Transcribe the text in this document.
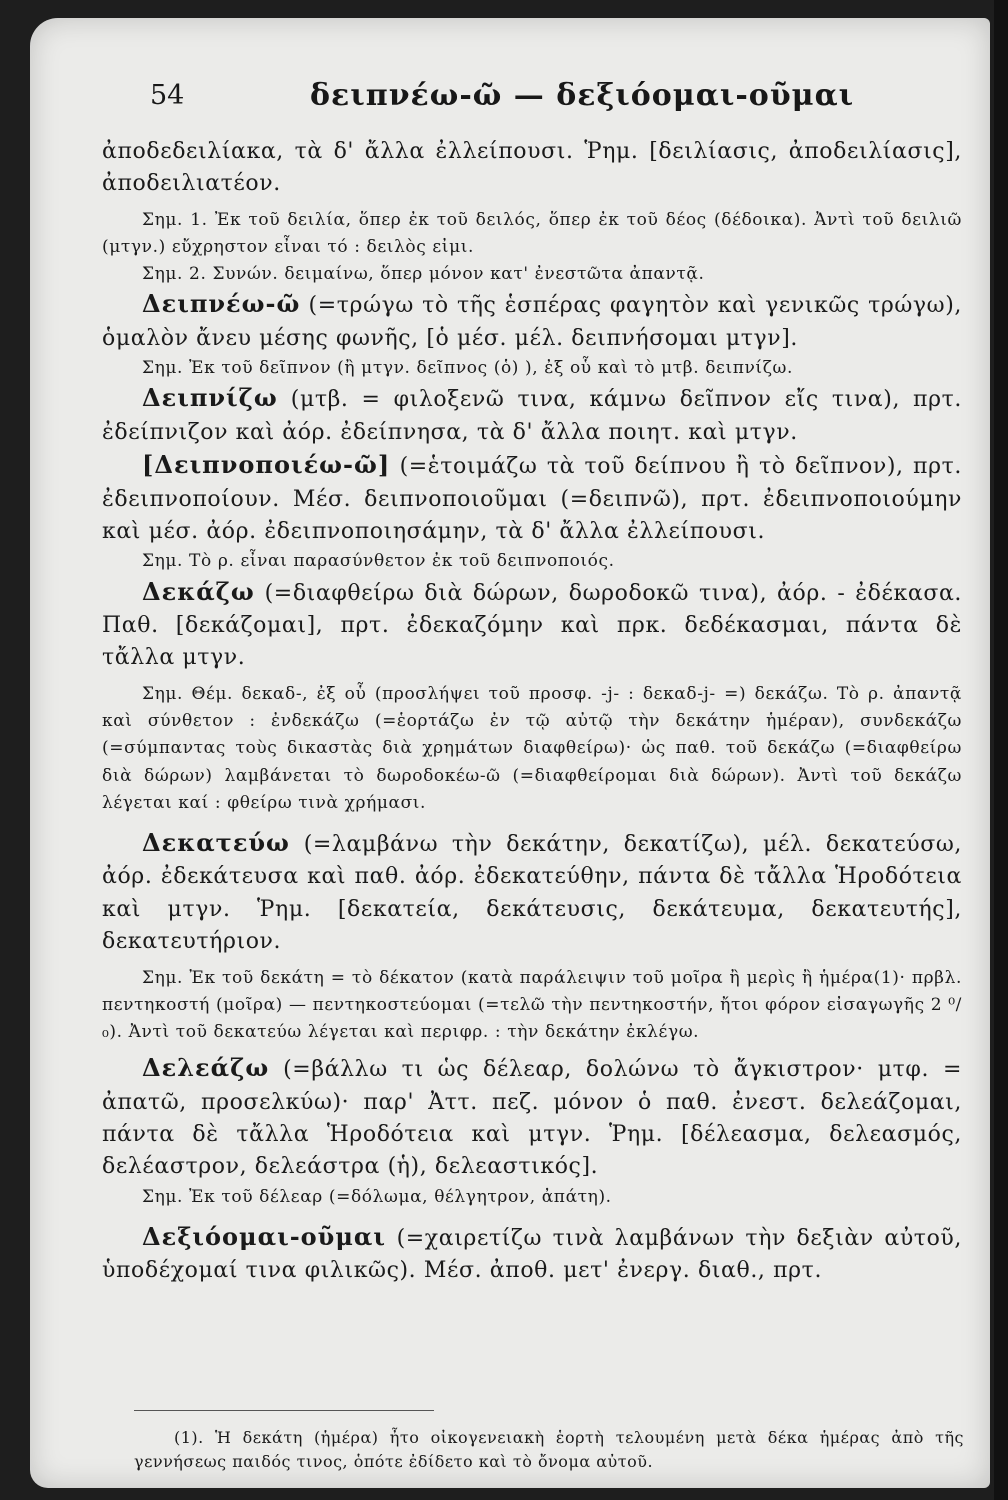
54	δειπνέω-ῶ — δεξιόομαι-οῦμαι

ἀποδεδειλίακα, τὰ δ' ἄλλα ἐλλείπουσι. Ῥημ. [δειλίασις, ἀποδειλίασις], ἀποδειλιατέον.

Σημ. 1. Ἐκ τοῦ δειλία, ὅπερ ἐκ τοῦ δειλός, ὅπερ ἐκ τοῦ δέος (δέδοικα). Ἀντὶ τοῦ δειλιῶ (μτγν.) εὔχρηστον εἶναι τό : δειλὸς εἰμι.

Σημ. 2. Συνών. δειμαίνω, ὅπερ μόνον κατ' ἐνεστῶτα ἀπαντᾷ.

Δειπνέω-ῶ (=τρώγω τὸ τῆς ἑσπέρας φαγητὸν καὶ γενικῶς τρώγω), ὁμαλὸν ἄνευ μέσης φωνῆς, [ὁ μέσ. μέλ. δειπνήσομαι μτγν].

Σημ. Ἐκ τοῦ δεῖπνον (ἢ μτγν. δεῖπνος (ὁ) ), ἐξ οὗ καὶ τὸ μτβ. δειπνίζω.

Δειπνίζω (μτβ. = φιλοξενῶ τινα, κάμνω δεῖπνον εἴς τινα), πρτ. ἐδείπνιζον καὶ ἀόρ. ἐδείπνησα, τὰ δ' ἄλλα ποιητ. καὶ μτγν.

[Δειπνοποιέω-ῶ] (=ἑτοιμάζω τὰ τοῦ δείπνου ἢ τὸ δεῖπνον), πρτ. ἐδειπνοποίουν. Μέσ. δειπνοποιοῦμαι (=δειπνῶ), πρτ. ἐδειπνοποιούμην καὶ μέσ. ἀόρ. ἐδειπνοποιησάμην, τὰ δ' ἄλλα ἐλλείπουσι.

Σημ. Τὸ ρ. εἶναι παρασύνθετον ἐκ τοῦ δειπνοποιός.

Δεκάζω (=διαφθείρω διὰ δώρων, δωροδοκῶ τινα), ἀόρ. - ἐδέκασα. Παθ. [δεκάζομαι], πρτ. ἐδεκαζόμην καὶ πρκ. δεδέκασμαι, πάντα δὲ τἄλλα μτγν.

Σημ. Θέμ. δεκαδ-, ἐξ οὗ (προσλήψει τοῦ προσφ. -j- : δεκαδ-j- =) δεκάζω. Τὸ ρ. ἀπαντᾷ καὶ σύνθετον : ἐνδεκάζω (=ἑορτάζω ἐν τῷ αὐτῷ τὴν δεκάτην ἡμέραν), συνδεκάζω (=σύμπαντας τοὺς δικαστὰς διὰ χρημάτων διαφθείρω)· ὡς παθ. τοῦ δεκάζω (=διαφθείρω διὰ δώρων) λαμβάνεται τὸ δωροδοκέω-ῶ (=διαφθείρομαι διὰ δώρων). Ἀντὶ τοῦ δεκάζω λέγεται καί : φθείρω τινὰ χρήμασι.

Δεκατεύω (=λαμβάνω τὴν δεκάτην, δεκατίζω), μέλ. δεκατεύσω, ἀόρ. ἐδεκάτευσα καὶ παθ. ἀόρ. ἐδεκατεύθην, πάντα δὲ τἄλλα Ἡροδότεια καὶ μτγν. Ῥημ. [δεκατεία, δεκάτευσις, δεκάτευμα, δεκατευτής], δεκατευτήριον.

Σημ. Ἐκ τοῦ δεκάτη = τὸ δέκατον (κατὰ παράλειψιν τοῦ μοῖρα ἢ μερὶς ἢ ἡμέρα(1)· πρβλ. πεντηκοστή (μοῖρα) — πεντηκοστεύομαι (=τελῶ τὴν πεντηκοστήν, ἤτοι φόρον εἰσαγωγῆς 2 ⁰/₀). Ἀντὶ τοῦ δεκατεύω λέγεται καὶ περιφρ. : τὴν δεκάτην ἐκλέγω.

Δελεάζω (=βάλλω τι ὡς δέλεαρ, δολώνω τὸ ἄγκιστρον· μτφ. = ἀπατῶ, προσελκύω)· παρ' Ἀττ. πεζ. μόνον ὁ παθ. ἐνεστ. δελεάζομαι, πάντα δὲ τἄλλα Ἡροδότεια καὶ μτγν. Ῥημ. [δέλεασμα, δελεασμός, δελέαστρον, δελεάστρα (ἡ), δελεαστικός].

Σημ. Ἐκ τοῦ δέλεαρ (=δόλωμα, θέλγητρον, ἀπάτη).

Δεξιόομαι-οῦμαι (=χαιρετίζω τινὰ λαμβάνων τὴν δεξιὰν αὐτοῦ, ὑποδέχομαί τινα φιλικῶς). Μέσ. ἀποθ. μετ' ἐνεργ. διαθ., πρτ.

(1). Ἡ δεκάτη (ἡμέρα) ἦτο οἰκογενειακὴ ἑορτὴ τελουμένη μετὰ δέκα ἡμέρας ἀπὸ τῆς γεννήσεως παιδός τινος, ὁπότε ἐδίδετο καὶ τὸ ὄνομα αὐτοῦ.
